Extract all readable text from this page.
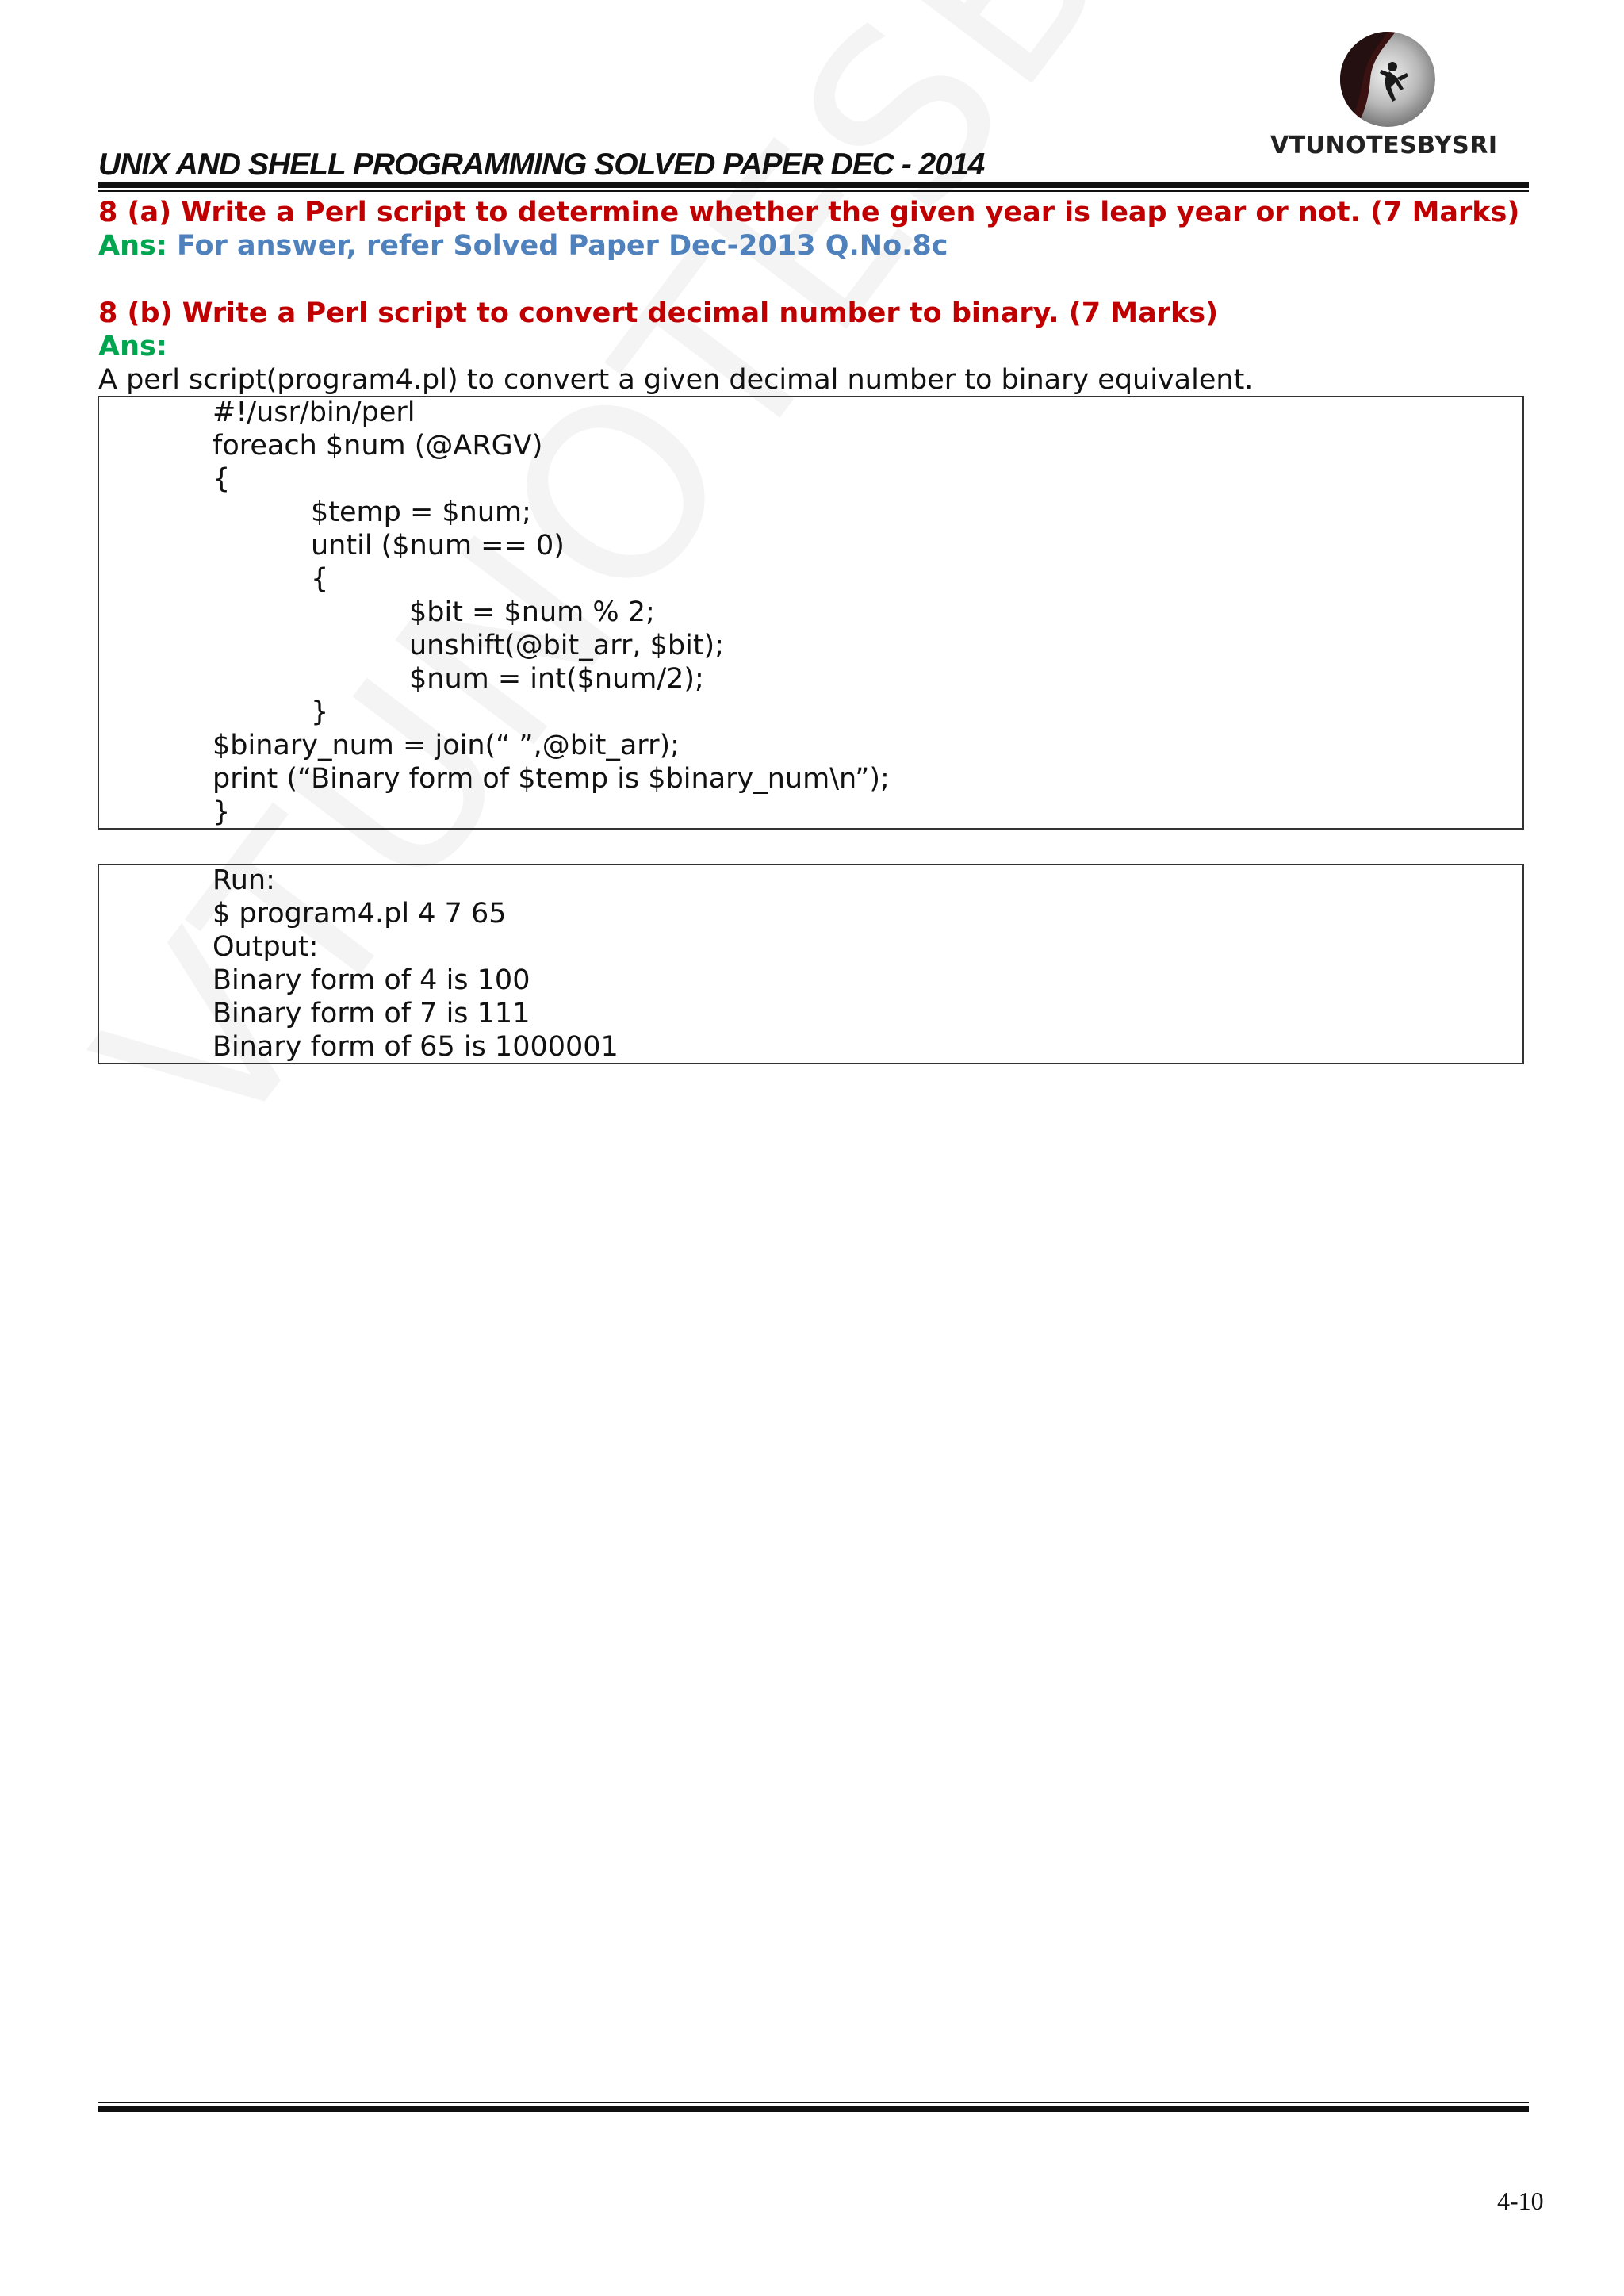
VTUNOTESBYSRI
UNIX AND SHELL PROGRAMMING SOLVED PAPER DEC - 2014
8 (a) Write a Perl script to determine whether the given year is leap year or not. (7 Marks)
Ans: For answer, refer Solved Paper Dec-2013 Q.No.8c
8 (b) Write a Perl script to convert decimal number to binary. (7 Marks)
Ans:
A perl script(program4.pl) to convert a given decimal number to binary equivalent.
#!/usr/bin/perl
foreach $num (@ARGV)
{
$temp = $num;
until ($num == 0)
{
$bit = $num % 2;
unshift(@bit_arr, $bit);
$num = int($num/2);
}
$binary_num = join(“ ”,@bit_arr);
print (“Binary form of $temp is $binary_num\n”);
}
Run:
$ program4.pl 4 7 65
Output:
Binary form of 4 is 100
Binary form of 7 is 111
Binary form of 65 is 1000001
4-10
